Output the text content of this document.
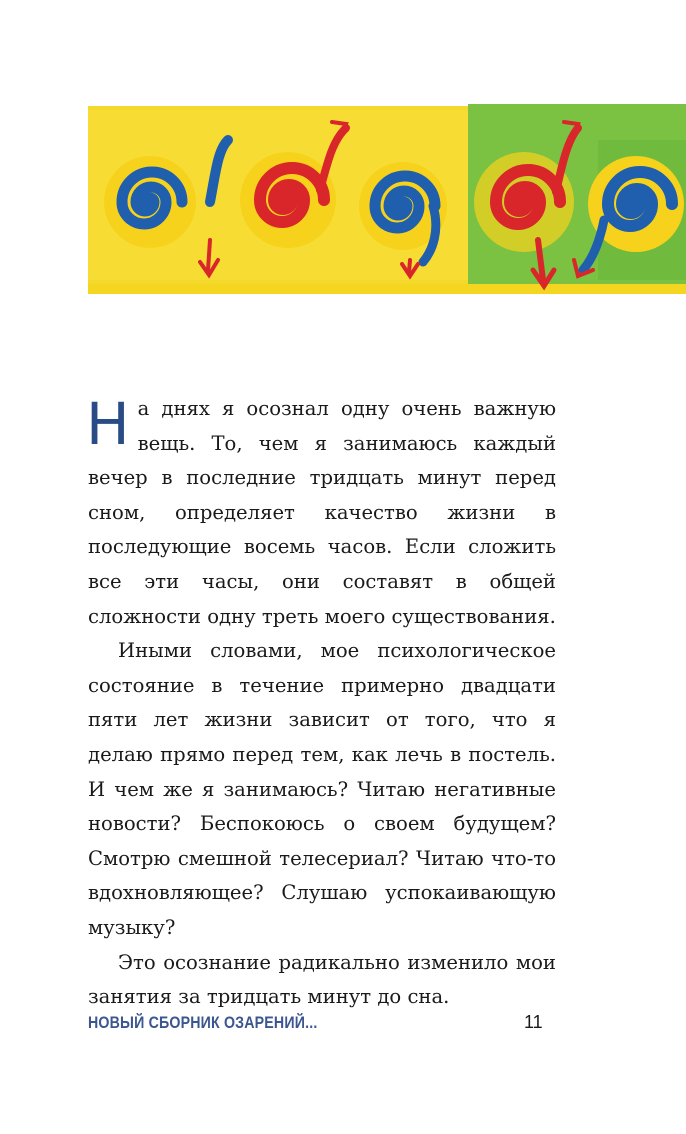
На днях я осознал одну очень важную вещь. То, чем я занимаюсь каждый вечер в последние тридцать минут перед сном, определяет качество жизни в последующие восемь часов. Если сложить все эти часы, они составят в общей сложности одну треть моего существования.

Иными словами, мое психологическое состояние в течение примерно двадцати пяти лет жизни зависит от того, что я делаю прямо перед тем, как лечь в постель. И чем же я занимаюсь? Читаю негативные новости? Беспокоюсь о своем будущем? Смотрю смешной телесериал? Читаю что-то вдохновляющее? Слушаю успокаивающую музыку?

Это осознание радикально изменило мои занятия за тридцать минут до сна.

НОВЫЙ СБОРНИК ОЗАРЕНИЙ...	11
